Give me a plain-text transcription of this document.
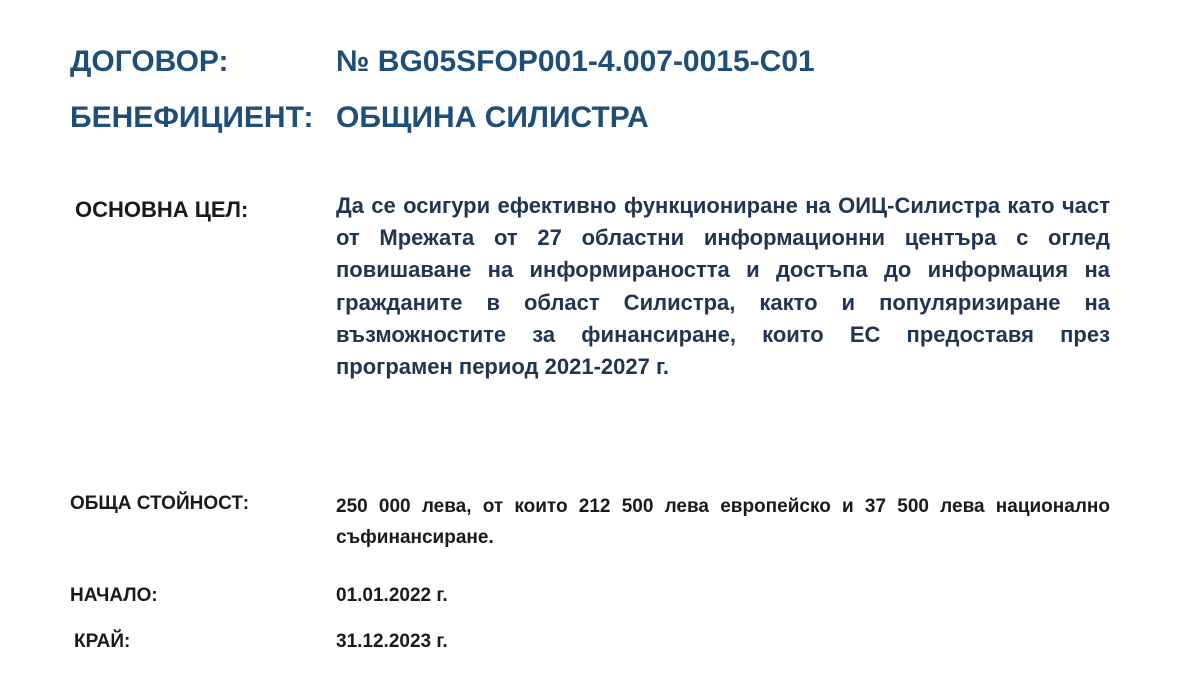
ДОГОВОР:	№ BG05SFOP001-4.007-0015-C01
БЕНЕФИЦИЕНТ: ОБЩИНА СИЛИСТРА
ОСНОВНА ЦЕЛ:	Да се осигури ефективно функциониране на ОИЦ-Силистра като част от Мрежата от 27 областни информационни центъра с оглед повишаване на информираността и достъпа до информация на гражданите в област Силистра, както и популяризиране на възможностите за финансиране, които ЕС предоставя през програмен период 2021-2027 г.
ОБЩА СТОЙНОСТ:	250 000 лева, от които 212 500 лева европейско и 37 500 лева национално съфинансиране.
НАЧАЛО:	01.01.2022 г.
КРАЙ:	31.12.2023 г.
